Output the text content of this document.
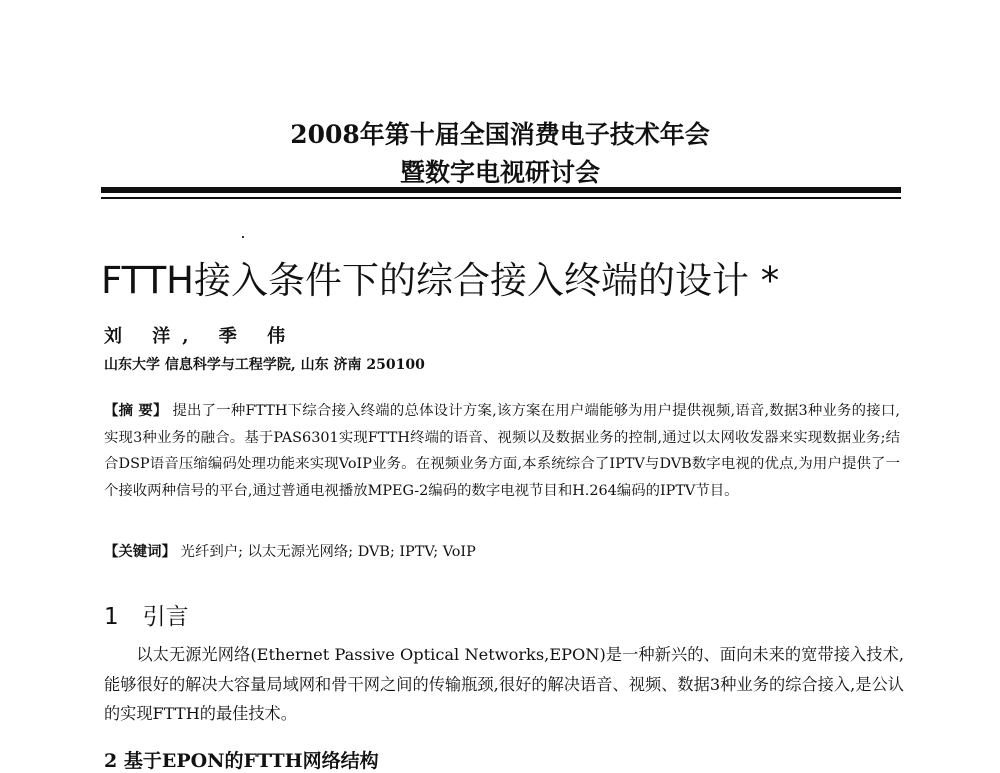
2008年第十届全国消费电子技术年会
暨数字电视研讨会
FTTH接入条件下的综合接入终端的设计 *
刘 洋, 季 伟
山东大学 信息科学与工程学院, 山东 济南 250100
【摘 要】 提出了一种FTTH下综合接入终端的总体设计方案,该方案在用户端能够为用户提供视频,语音,数据3种业务的接口,实现3种业务的融合。基于PAS6301实现FTTH终端的语音、视频以及数据业务的控制,通过以太网收发器来实现数据业务;结合DSP语音压缩编码处理功能来实现VoIP业务。在视频业务方面,本系统综合了IPTV与DVB数字电视的优点,为用户提供了一个接收两种信号的平台,通过普通电视播放MPEG-2编码的数字电视节目和H.264编码的IPTV节目。
【关键词】 光纤到户; 以太无源光网络; DVB; IPTV; VoIP
1 引言
以太无源光网络(Ethernet Passive Optical Networks,EPON)是一种新兴的、面向未来的宽带接入技术,能够很好的解决大容量局域网和骨干网之间的传输瓶颈,很好的解决语音、视频、数据3种业务的综合接入,是公认的实现FTTH的最佳技术。
2 基于EPON的FTTH网络结构
